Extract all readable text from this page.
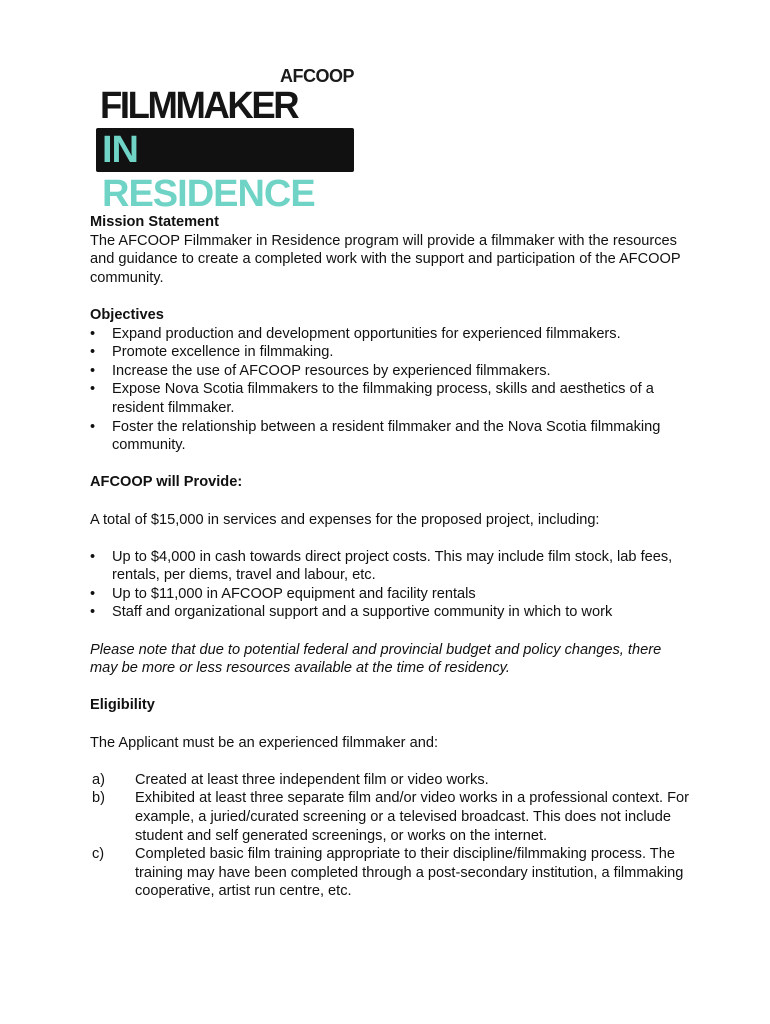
AFCOOP
FILMMAKER
IN RESIDENCE
Mission Statement

The AFCOOP Filmmaker in Residence program will provide a filmmaker with the resources and guidance to create a completed work with the support and participation of the AFCOOP community.

Objectives
• Expand production and development opportunities for experienced filmmakers.
• Promote excellence in filmmaking.
• Increase the use of AFCOOP resources by experienced filmmakers.
• Expose Nova Scotia filmmakers to the filmmaking process, skills and aesthetics of a resident filmmaker.
• Foster the relationship between a resident filmmaker and the Nova Scotia filmmaking community.
AFCOOP will Provide:

A total of $15,000 in services and expenses for the proposed project, including:

• Up to $4,000 in cash towards direct project costs. This may include film stock, lab fees, rentals, per diems, travel and labour, etc.
• Up to $11,000 in AFCOOP equipment and facility rentals
• Staff and organizational support and a supportive community in which to work

Please note that due to potential federal and provincial budget and policy changes, there may be more or less resources available at the time of residency.

Eligibility

The Applicant must be an experienced filmmaker and:

a)	Created at least three independent film or video works.
b)	Exhibited at least three separate film and/or video works in a professional context. For example, a juried/curated screening or a televised broadcast. This does not include student and self generated screenings, or works on the internet.
c)	Completed basic film training appropriate to their discipline/filmmaking process. The training may have been completed through a post-secondary institution, a filmmaking cooperative, artist run centre, etc.
